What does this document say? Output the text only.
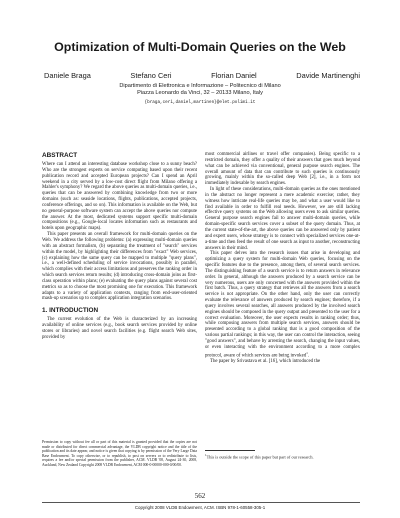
Optimization of Multi-Domain Queries on the Web
Daniele Braga	Stefano Ceri	Florian Daniel	Davide Martinenghi
Dipartimento di Elettronica e Informazione – Politecnico di Milano
Piazza Leonardo da Vinci, 32 – 20133 Milano, Italy
{braga,ceri,daniel,martinen}@elet.polimi.it
ABSTRACT

Where can I attend an interesting database workshop close to a sunny beach? Who are the strongest experts on service computing based upon their recent publication record and accepted European projects? Can I spend an April weekend in a city served by a low-cost direct flight from Milano offering a Mahler's symphony? We regard the above queries as multi-domain queries, i.e., queries that can be answered by combining knowledge from two or more domains (such as: seaside locations, flights, publications, accepted projects, conference offerings, and so on). This information is available on the Web, but no general-purpose software system can accept the above queries nor compute the answer. At the most, dedicated systems support specific multi-domain compositions (e.g., Google-local locates information such as restaurants and hotels upon geographic maps).

This paper presents an overall framework for multi-domain queries on the Web. We address the following problems: (a) expressing multi-domain queries with an abstract formalism, (b) separating the treatment of "search" services within the model, by highlighting their differences from "exact" Web services, (c) explaining how the same query can be mapped to multiple "query plans", i.e., a well-defined scheduling of service invocations, possibly in parallel, which complies with their access limitations and preserves the ranking order in which search services return results; (d) introducing cross-domain joins as first-class operation within plans; (e) evaluating the query plans against several cost metrics so as to choose the most promising one for execution. This framework adapts to a variety of application contexts, ranging from end-user-oriented mash-up scenarios up to complex application integration scenarios.

1. INTRODUCTION

The current evolution of the Web is characterized by an increasing availability of online services (e.g., book search services provided by online stores or libraries) and novel search facilities (e.g. flight search Web sites, provided by

Permission to copy without fee all or part of this material is granted provided that the copies are not made or distributed for direct commercial advantage, the VLDB copyright notice and the title of the publication and its date appear, and notice is given that copying is by permission of the Very Large Data Base Endowment. To copy otherwise, or to republish, to post on servers or to redistribute to lists, requires a fee and/or special permission from the publisher, ACM. VLDB '08, August 24-30, 2008, Auckland, New Zealand Copyright 2008 VLDB Endowment, ACM 000-0-00000-000-0/00/00.

most commercial airlines or travel offer companies). Being specific to a restricted domain, they offer a quality of their answers that goes much beyond what can be achieved via conventional, general purpose search engines. The overall amount of data that can contribute to such queries is continuously growing, mainly within the so-called deep Web [2], i.e., in a form not immediately indexable by search engines.

In light of these considerations, multi-domain queries as the ones mentioned in the abstract no longer represent a mere academic exercise; rather, they witness how intricate real-life queries may be, and what a user would like to find available in order to fulfill real needs. However, we are still lacking effective query systems on the Web allowing users even to ask similar queries. General purpose search engines fail to answer multi-domain queries, while domain-specific search services cover a subset of the query domain. Thus, at the current state-of-the-art, the above queries can be answered only by patient and expert users, whose strategy is to connect with specialized services one-at-a-time and then feed the result of one search as input to another, reconstructing answers in their mind.

This paper delves into the research issues that arise in developing and optimizing a query system for multi-domain Web queries, focusing on the specific features due to the presence, among them, of several search services. The distinguishing feature of a search service is to return answers in relevance order. In general, although the answers produced by a search service can be very numerous, users are only concerned with the answers provided within the first batch. Thus, a query strategy that retrieves all the answers from a search service is not appropriate. On the other hand, only the user can correctly evaluate the relevance of answers produced by search engines; therefore, if a query involves several searches, all answers produced by the involved search engines should be composed in the query output and presented to the user for a correct evaluation. Moreover, the user expects results in ranking order; thus, while composing answers from multiple search services, answers should be presented according to a global ranking that is a good composition of the various partial rankings; in this way, the user can control the interaction, seeing "good answers", and behave by arresting the search, changing the input values, or even interacting with the environment according to a more complex protocol, aware of which services are being invoked$^1$.

The paper by Srivastava et al. [16], which introduced the

$^1$This is outside the scope of this paper but part of our research.
562
Copyright 2008 VLDB Endowment, ACM. ISBN 978-1-60558-305-1
